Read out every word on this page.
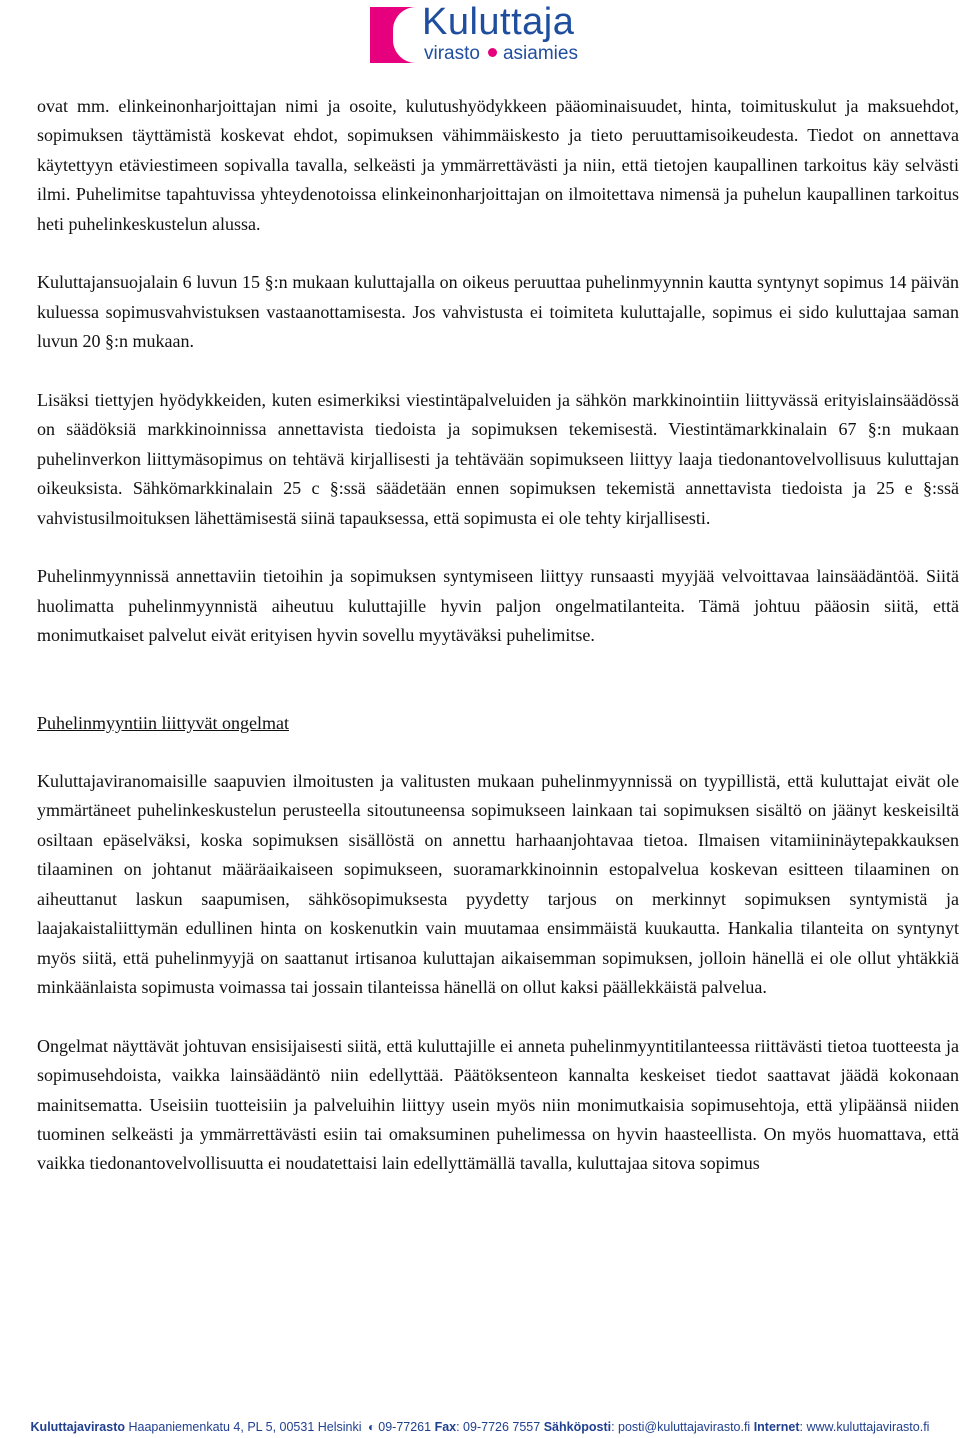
Kuluttaja
virasto asiamies

ovat mm. elinkeinonharjoittajan nimi ja osoite, kulutushyödykkeen pääominaisuudet, hinta, toimituskulut ja maksuehdot, sopimuksen täyttämistä koskevat ehdot, sopimuksen vähimmäiskesto ja tieto peruuttamisoikeudesta. Tiedot on annettava käytettyyn etäviestimeen sopivalla tavalla, selkeästi ja ymmärrettävästi ja niin, että tietojen kaupallinen tarkoitus käy selvästi ilmi. Puhelimitse tapahtuvissa yhteydenotoissa elinkeinonharjoittajan on ilmoitettava nimensä ja puhelun kaupallinen tarkoitus heti puhelinkeskustelun alussa.

Kuluttajansuojalain 6 luvun 15 §:n mukaan kuluttajalla on oikeus peruuttaa puhelinmyynnin kautta syntynyt sopimus 14 päivän kuluessa sopimusvahvistuksen vastaanottamisesta. Jos vahvistusta ei toimiteta kuluttajalle, sopimus ei sido kuluttajaa saman luvun 20 §:n mukaan.

Lisäksi tiettyjen hyödykkeiden, kuten esimerkiksi viestintäpalveluiden ja sähkön markkinointiin liittyvässä erityislainsäädössä on säädöksiä markkinoinnissa annettavista tiedoista ja sopimuksen tekemisestä. Viestintämarkkinalain 67 §:n mukaan puhelinverkon liittymäsopimus on tehtävä kirjallisesti ja tehtävään sopimukseen liittyy laaja tiedonantovelvollisuus kuluttajan oikeuksista. Sähkömarkkinalain 25 c §:ssä säädetään ennen sopimuksen tekemistä annettavista tiedoista ja 25 e §:ssä vahvistusilmoituksen lähettämisestä siinä tapauksessa, että sopimusta ei ole tehty kirjallisesti.

Puhelinmyynnissä annettaviin tietoihin ja sopimuksen syntymiseen liittyy runsaasti myyjää velvoittavaa lainsäädäntöä. Siitä huolimatta puhelinmyynnistä aiheutuu kuluttajille hyvin paljon ongelmatilanteita. Tämä johtuu pääosin siitä, että monimutkaiset palvelut eivät erityisen hyvin sovellu myytäväksi puhelimitse.

Puhelinmyyntiin liittyvät ongelmat

Kuluttajaviranomaisille saapuvien ilmoitusten ja valitusten mukaan puhelinmyynnissä on tyypillistä, että kuluttajat eivät ole ymmärtäneet puhelinkeskustelun perusteella sitoutuneensa sopimukseen lainkaan tai sopimuksen sisältö on jäänyt keskeisiltä osiltaan epäselväksi, koska sopimuksen sisällöstä on annettu harhaanjohtavaa tietoa. Ilmaisen vitamiininäytepakkauksen tilaaminen on johtanut määräaikaiseen sopimukseen, suoramarkkinoinnin estopalvelua koskevan esitteen tilaaminen on aiheuttanut laskun saapumisen, sähkösopimuksesta pyydetty tarjous on merkinnyt sopimuksen syntymistä ja laajakaistaliittymän edullinen hinta on koskenutkin vain muutamaa ensimmäistä kuukautta. Hankalia tilanteita on syntynyt myös siitä, että puhelinmyyjä on saattanut irtisanoa kuluttajan aikaisemman sopimuksen, jolloin hänellä ei ole ollut yhtäkkiä minkäänlaista sopimusta voimassa tai jossain tilanteissa hänellä on ollut kaksi päällekkäistä palvelua.

Ongelmat näyttävät johtuvan ensisijaisesti siitä, että kuluttajille ei anneta puhelinmyyntitilanteessa riittävästi tietoa tuotteesta ja sopimusehdoista, vaikka lainsäädäntö niin edellyttää. Päätöksenteon kannalta keskeiset tiedot saattavat jäädä kokonaan mainitsematta. Useisiin tuotteisiin ja palveluihin liittyy usein myös niin monimutkaisia sopimusehtoja, että ylipäänsä niiden tuominen selkeästi ja ymmärrettävästi esiin tai omaksuminen puhelimessa on hyvin haasteellista. On myös huomattava, että vaikka tiedonantovelvollisuutta ei noudatettaisi lain edellyttämällä tavalla, kuluttajaa sitova sopimus

Kuluttajavirasto Haapaniemenkatu 4, PL 5, 00531 Helsinki ◐ 09-77261 Fax: 09-7726 7557 Sähköposti: posti@kuluttajavirasto.fi Internet: www.kuluttajavirasto.fi
